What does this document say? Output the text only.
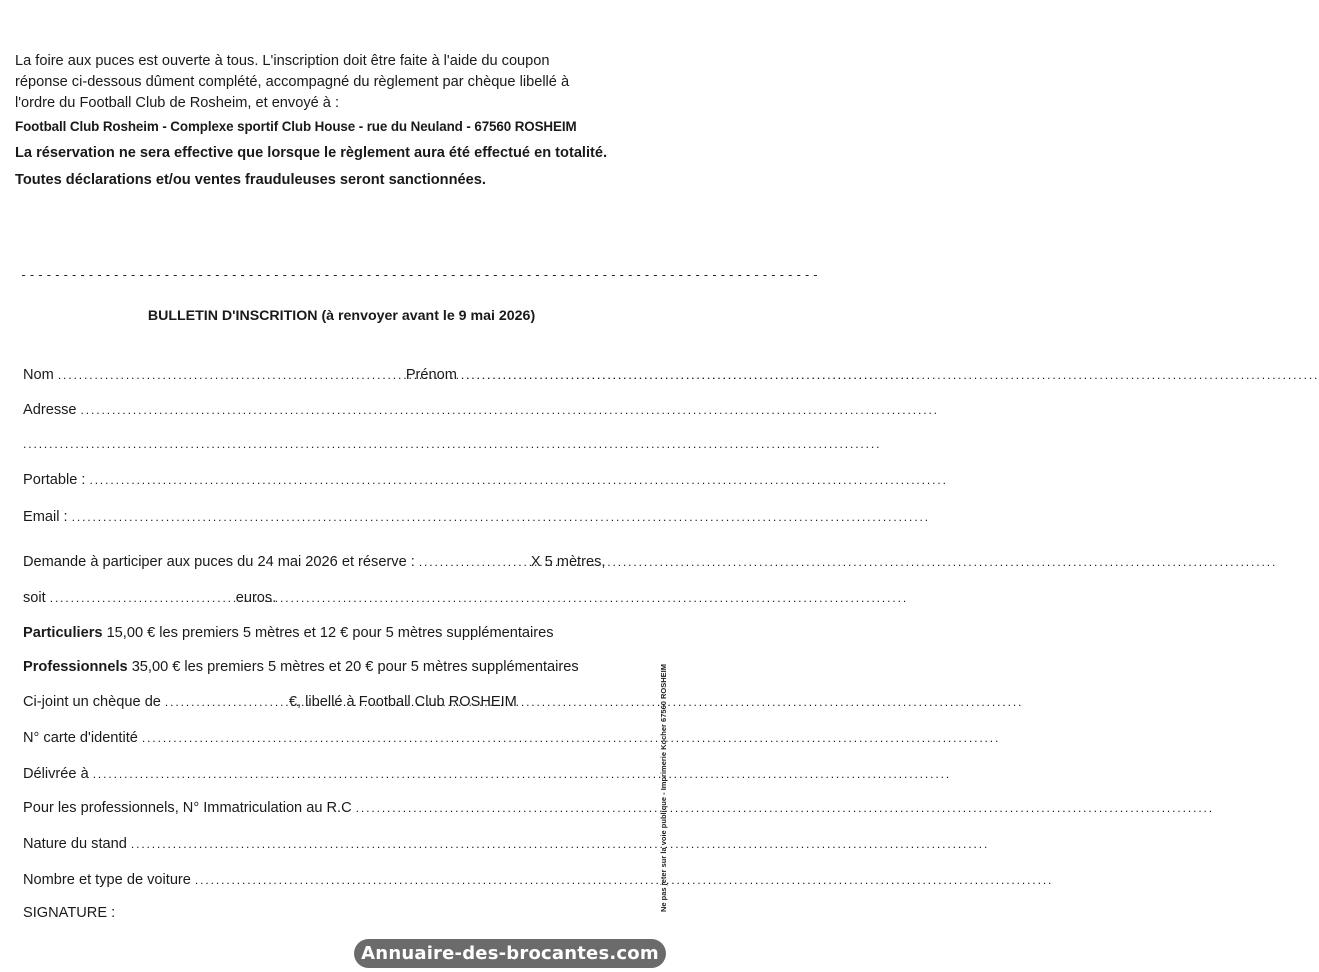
La foire aux puces est ouverte à tous. L'inscription doit être faite à l'aide du coupon

réponse ci-dessous dûment complété, accompagné du règlement par chèque libellé à

l'ordre du Football Club de Rosheim, et envoyé à :

Football Club Rosheim - Complexe sportif Club House - rue du Neuland - 67560 ROSHEIM

La réservation ne sera effective que lorsque le règlement aura été effectué en totalité.

Toutes déclarations et/ou ventes frauduleuses seront sanctionnées.

-----------------------------------------------------------------------------------------------
BULLETIN D'INSCRITION (à renvoyer avant le 9 mai 2026)
Nom .....	Prénom
.....
Adresse
.....
.....
Portable :
.....
Email :
.....
Demande à participer aux puces du 24 mai 2026 et réserve : .....	X 5 mètres,
soit .....	euros.
Particuliers 15,00 € les premiers 5 mètres et 12 € pour 5 mètres supplémentaires
Professionnels 35,00 € les premiers 5 mètres et 20 € pour 5 mètres supplémentaires
Ci-joint un chèque de .....	€, libellé à Football Club ROSHEIM
N° carte d'identité
.....
Délivrée à
.....
Pour les professionnels, N° Immatriculation au R.C
.....
Nature du stand
.....
Nombre et type de voiture
.....
SIGNATURE :
Ne pas jeter sur la voie publique - Imprimerie Kocher 67560 ROSHEIM
Annuaire-des-brocantes.com
